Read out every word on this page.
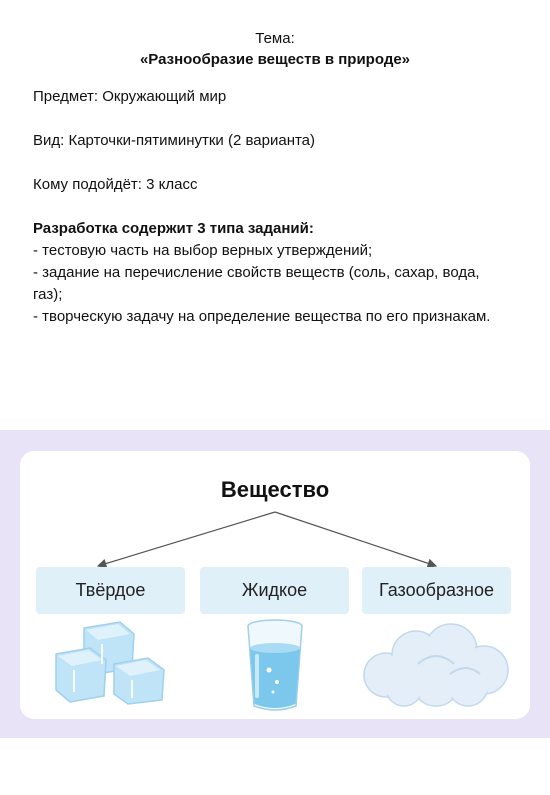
Тема:
«Разнообразие веществ в природе»
Предмет: Окружающий мир
Вид: Карточки-пятиминутки (2 варианта)
Кому подойдёт: 3 класс
Разработка содержит 3 типа заданий:
- тестовую часть на выбор верных утверждений;
- задание на перечисление свойств веществ (соль, сахар, вода, газ);
- творческую задачу на определение вещества по его признакам.
Вещество
Твёрдое	Жидкое	Газообразное
